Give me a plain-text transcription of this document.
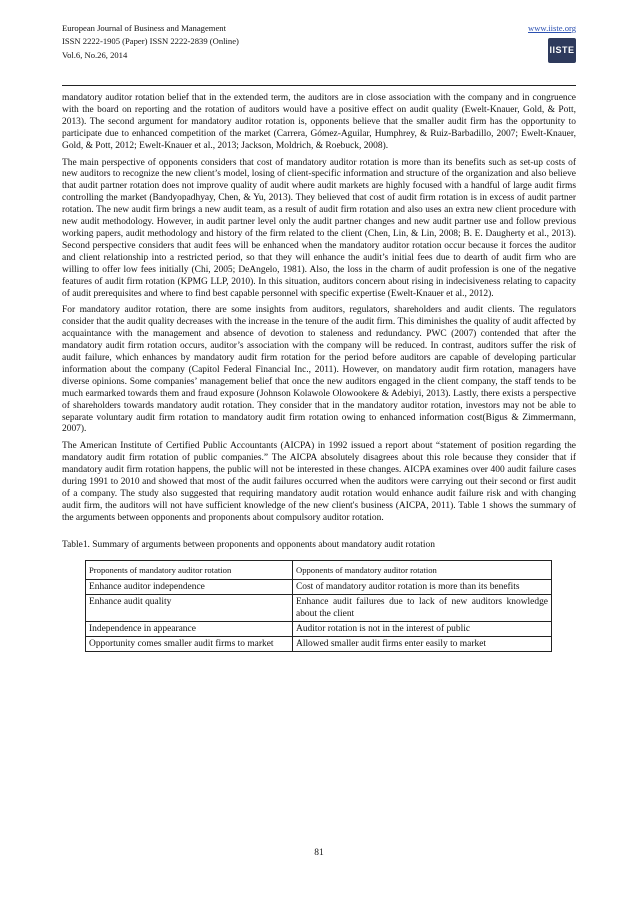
European Journal of Business and Management
ISSN 2222-1905 (Paper) ISSN 2222-2839 (Online)
Vol.6, No.26, 2014
www.iiste.org
IISTE

mandatory auditor rotation belief that in the extended term, the auditors are in close association with the company and in congruence with the board on reporting and the rotation of auditors would have a positive effect on audit quality (Ewelt-Knauer, Gold, & Pott, 2013). The second argument for mandatory auditor rotation is, opponents believe that the smaller audit firm has the opportunity to participate due to enhanced competition of the market (Carrera, Gómez-Aguilar, Humphrey, & Ruiz-Barbadillo, 2007; Ewelt-Knauer, Gold, & Pott, 2012; Ewelt-Knauer et al., 2013; Jackson, Moldrich, & Roebuck, 2008).

The main perspective of opponents considers that cost of mandatory auditor rotation is more than its benefits such as set-up costs of new auditors to recognize the new client’s model, losing of client-specific information and structure of the organization and also believe that audit partner rotation does not improve quality of audit where audit markets are highly focused with a handful of large audit firms controlling the market (Bandyopadhyay, Chen, & Yu, 2013). They believed that cost of audit firm rotation is in excess of audit partner rotation. The new audit firm brings a new audit team, as a result of audit firm rotation and also uses an extra new client procedure with new audit methodology. However, in audit partner level only the audit partner changes and new audit partner use and follow previous working papers, audit methodology and history of the firm related to the client (Chen, Lin, & Lin, 2008; B. E. Daugherty et al., 2013). Second perspective considers that audit fees will be enhanced when the mandatory auditor rotation occur because it forces the auditor and client relationship into a restricted period, so that they will enhance the audit’s initial fees due to dearth of audit firm who are willing to offer low fees initially (Chi, 2005; DeAngelo, 1981). Also, the loss in the charm of audit profession is one of the negative features of audit firm rotation (KPMG LLP, 2010). In this situation, auditors concern about rising in indecisiveness relating to capacity of audit prerequisites and where to find best capable personnel with specific expertise (Ewelt-Knauer et al., 2012).

For mandatory auditor rotation, there are some insights from auditors, regulators, shareholders and audit clients. The regulators consider that the audit quality decreases with the increase in the tenure of the audit firm. This diminishes the quality of audit affected by acquaintance with the management and absence of devotion to staleness and redundancy. PWC (2007) contended that after the mandatory audit firm rotation occurs, auditor’s association with the company will be reduced. In contrast, auditors suffer the risk of audit failure, which enhances by mandatory audit firm rotation for the period before auditors are capable of developing particular information about the company (Capitol Federal Financial Inc., 2011). However, on mandatory audit firm rotation, managers have diverse opinions. Some companies’ management belief that once the new auditors engaged in the client company, the staff tends to be much earmarked towards them and fraud exposure (Johnson Kolawole Olowookere & Adebiyi, 2013). Lastly, there exists a perspective of shareholders towards mandatory audit rotation. They consider that in the mandatory auditor rotation, investors may not be able to separate voluntary audit firm rotation to mandatory audit firm rotation owing to enhanced information cost(Bigus & Zimmermann, 2007).

The American Institute of Certified Public Accountants (AICPA) in 1992 issued a report about “statement of position regarding the mandatory audit firm rotation of public companies.” The AICPA absolutely disagrees about this role because they consider that if mandatory audit firm rotation happens, the public will not be interested in these changes. AICPA examines over 400 audit failure cases during 1991 to 2010 and showed that most of the audit failures occurred when the auditors were carrying out their second or first audit of a company. The study also suggested that requiring mandatory audit rotation would enhance audit failure risk and with changing audit firm, the auditors will not have sufficient knowledge of the new client's business (AICPA, 2011). Table 1 shows the summary of the arguments between opponents and proponents about compulsory auditor rotation.

Table1. Summary of arguments between proponents and opponents about mandatory audit rotation
Proponents of mandatory auditor rotation	Opponents of mandatory auditor rotation
Enhance auditor independence	Cost of mandatory auditor rotation is more than its benefits
Enhance audit quality	Enhance audit failures due to lack of new auditors knowledge about the client
Independence in appearance	Auditor rotation is not in the interest of public
Opportunity comes smaller audit firms to market	Allowed smaller audit firms enter easily to market
81
